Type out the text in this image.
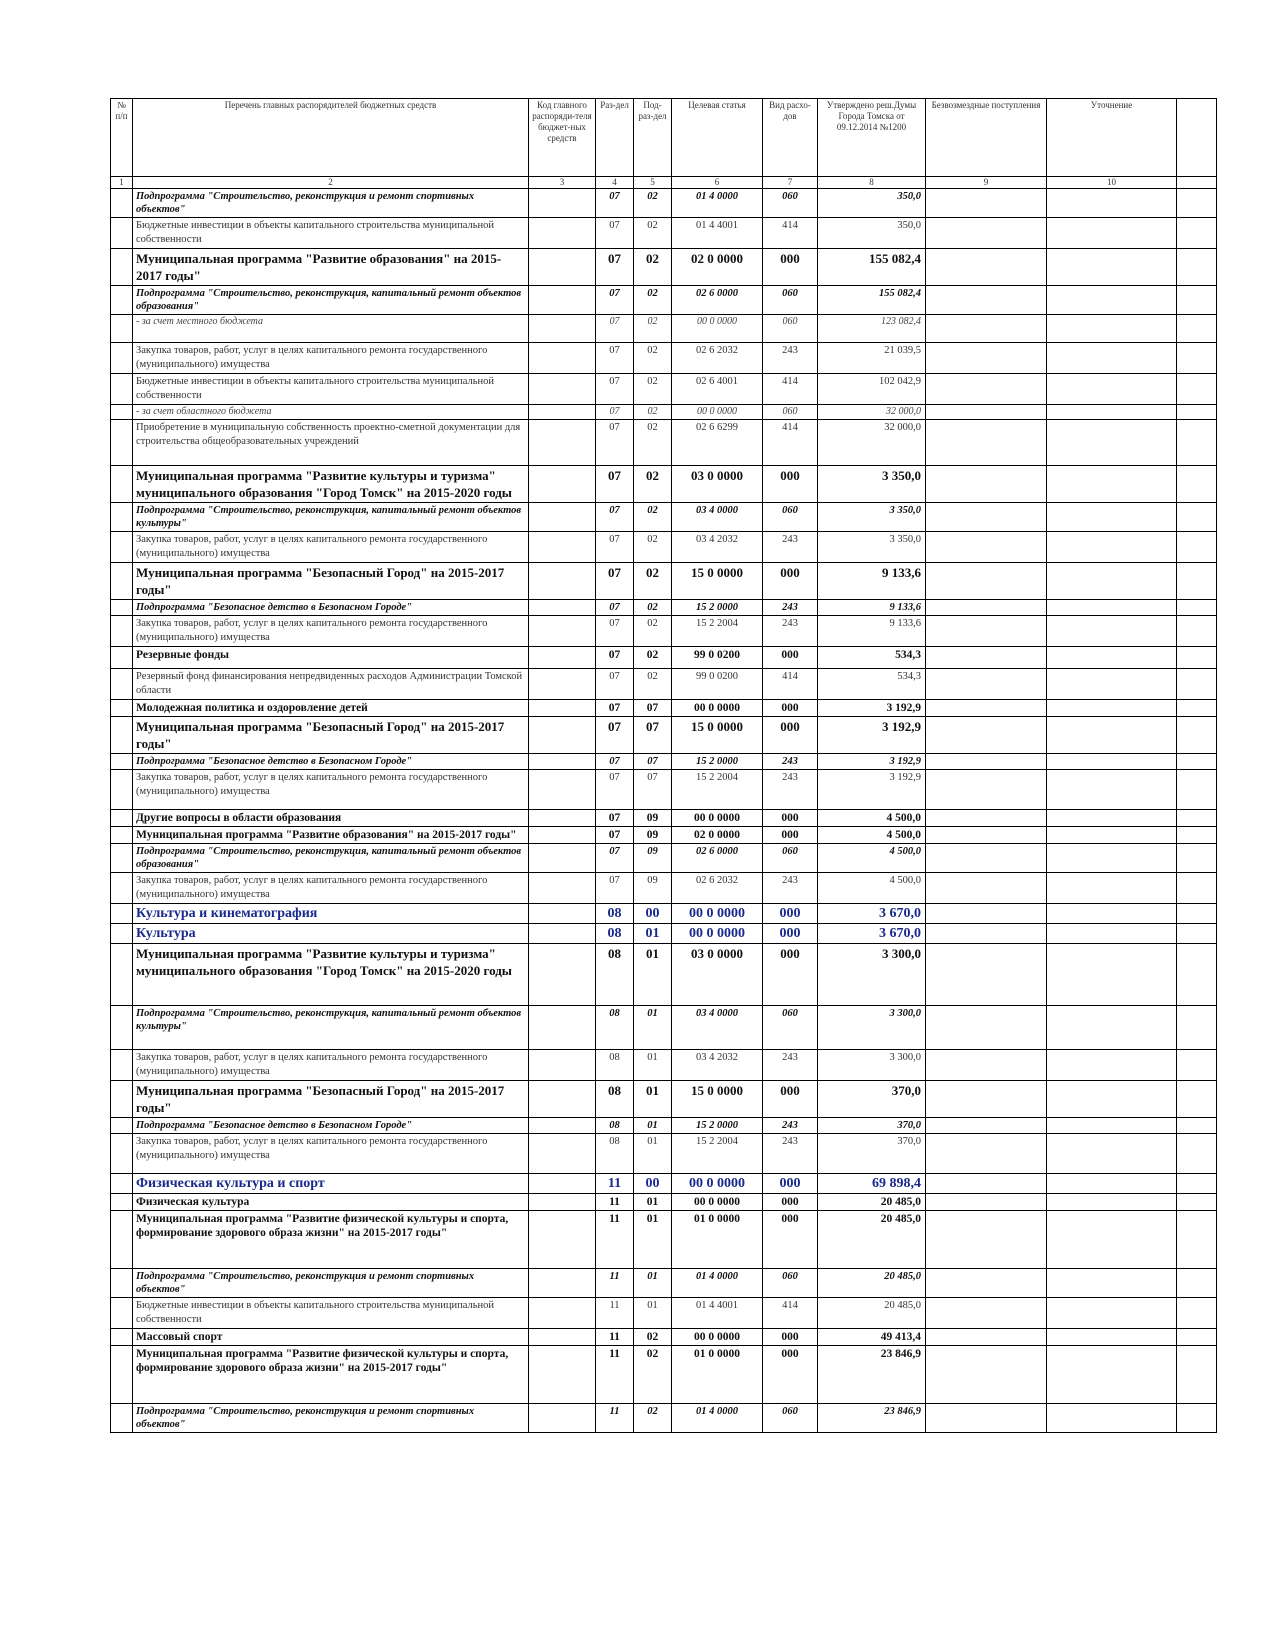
№ п/п	Перечень главных распорядителей бюджетных средств	Код главного распоряди-теля бюджет-ных средств	Раз-дел	Под-раз-дел	Целевая статья	Вид расхо-дов	Утверждено реш.Думы Города Томска от 09.12.2014 №1200	Безвозмездные поступления	Уточнение	
1	2	3	4	5	6	7	8	9	10	
	Подпрограмма "Строительство, реконструкция и ремонт спортивных объектов"		07	02	01 4 0000	060	350,0			
	Бюджетные инвестиции в объекты капитального строительства муниципальной собственности		07	02	01 4 4001	414	350,0			
	Муниципальная программа "Развитие образования" на 2015-2017 годы"		07	02	02 0 0000	000	155 082,4			
	Подпрограмма "Строительство, реконструкция, капитальный ремонт объектов образования"		07	02	02 6 0000	060	155 082,4			
	- за счет местного бюджета		07	02	00 0 0000	060	123 082,4			
	Закупка товаров, работ, услуг в целях капитального ремонта государственного (муниципального) имущества		07	02	02 6 2032	243	21 039,5			
	Бюджетные инвестиции в объекты капитального строительства муниципальной собственности		07	02	02 6 4001	414	102 042,9			
	- за счет областного бюджета		07	02	00 0 0000	060	32 000,0			
	Приобретение в муниципальную собственность проектно-сметной документации для строительства общеобразовательных учреждений		07	02	02 6 6299	414	32 000,0			
	Муниципальная программа "Развитие культуры и туризма" муниципального образования "Город Томск" на 2015-2020 годы		07	02	03 0 0000	000	3 350,0			
	Подпрограмма "Строительство, реконструкция, капитальный ремонт объектов культуры"		07	02	03 4 0000	060	3 350,0			
	Закупка товаров, работ, услуг в целях капитального ремонта государственного (муниципального) имущества		07	02	03 4 2032	243	3 350,0			
	Муниципальная программа "Безопасный Город" на 2015-2017 годы"		07	02	15 0 0000	000	9 133,6			
	Подпрограмма "Безопасное детство в Безопасном Городе"		07	02	15 2 0000	243	9 133,6			
	Закупка товаров, работ, услуг в целях капитального ремонта государственного (муниципального) имущества		07	02	15 2 2004	243	9 133,6			
	Резервные фонды		07	02	99 0 0200	000	534,3			
	Резервный фонд финансирования непредвиденных расходов Администрации Томской области		07	02	99 0 0200	414	534,3			
	Молодежная политика и оздоровление детей		07	07	00 0 0000	000	3 192,9			
	Муниципальная программа "Безопасный Город" на 2015-2017 годы"		07	07	15 0 0000	000	3 192,9			
	Подпрограмма "Безопасное детство в Безопасном Городе"		07	07	15 2 0000	243	3 192,9			
	Закупка товаров, работ, услуг в целях капитального ремонта государственного (муниципального) имущества		07	07	15 2 2004	243	3 192,9			
	Другие вопросы в области образования		07	09	00 0 0000	000	4 500,0			
	Муниципальная программа "Развитие образования" на 2015-2017 годы"		07	09	02 0 0000	000	4 500,0			
	Подпрограмма "Строительство, реконструкция, капитальный ремонт объектов образования"		07	09	02 6 0000	060	4 500,0			
	Закупка товаров, работ, услуг в целях капитального ремонта государственного (муниципального) имущества		07	09	02 6 2032	243	4 500,0			
	Культура и кинематография		08	00	00 0 0000	000	3 670,0			
	Культура		08	01	00 0 0000	000	3 670,0			
	Муниципальная программа "Развитие культуры и туризма" муниципального образования "Город Томск" на 2015-2020 годы		08	01	03 0 0000	000	3 300,0			
	Подпрограмма "Строительство, реконструкция, капитальный ремонт объектов культуры"		08	01	03 4 0000	060	3 300,0			
	Закупка товаров, работ, услуг в целях капитального ремонта государственного (муниципального) имущества		08	01	03 4 2032	243	3 300,0			
	Муниципальная программа "Безопасный Город" на 2015-2017 годы"		08	01	15 0 0000	000	370,0			
	Подпрограмма "Безопасное детство в Безопасном Городе"		08	01	15 2 0000	243	370,0			
	Закупка товаров, работ, услуг в целях капитального ремонта государственного (муниципального) имущества		08	01	15 2 2004	243	370,0			
	Физическая культура и спорт		11	00	00 0 0000	000	69 898,4			
	Физическая культура		11	01	00 0 0000	000	20 485,0			
	Муниципальная программа "Развитие физической культуры и спорта, формирование здорового образа жизни" на 2015-2017 годы"		11	01	01 0 0000	000	20 485,0			
	Подпрограмма "Строительство, реконструкция и ремонт спортивных объектов"		11	01	01 4 0000	060	20 485,0			
	Бюджетные инвестиции в объекты капитального строительства муниципальной собственности		11	01	01 4 4001	414	20 485,0			
	Массовый спорт		11	02	00 0 0000	000	49 413,4			
	Муниципальная программа "Развитие физической культуры и спорта, формирование здорового образа жизни" на 2015-2017 годы"		11	02	01 0 0000	000	23 846,9			
	Подпрограмма "Строительство, реконструкция и ремонт спортивных объектов"		11	02	01 4 0000	060	23 846,9			
